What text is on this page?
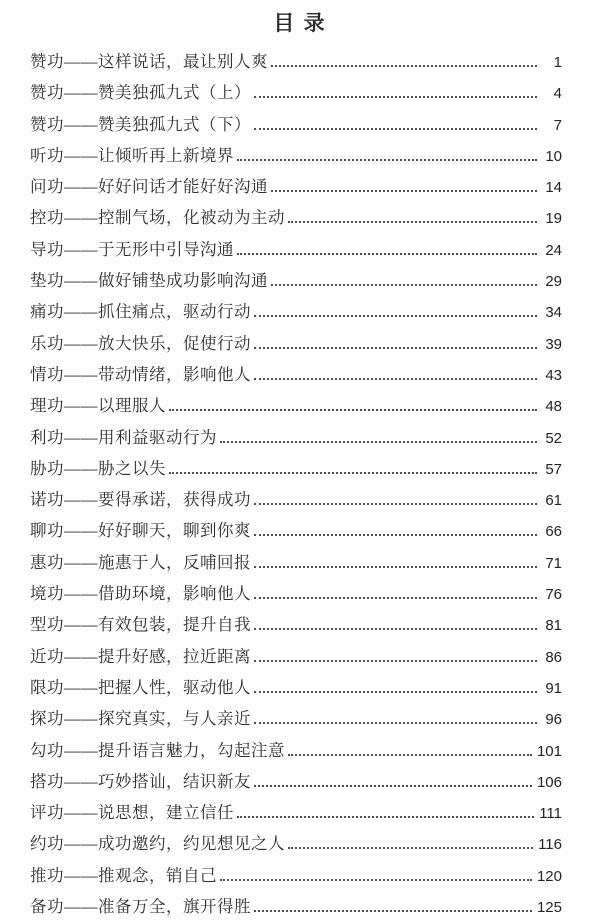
目 录
赞功——这样说话，最让别人爽	1
赞功——赞美独孤九式（上）	4
赞功——赞美独孤九式（下）	7
听功——让倾听再上新境界	10
问功——好好问话才能好好沟通	14
控功——控制气场，化被动为主动	19
导功——于无形中引导沟通	24
垫功——做好铺垫成功影响沟通	29
痛功——抓住痛点，驱动行动	34
乐功——放大快乐，促使行动	39
情功——带动情绪，影响他人	43
理功——以理服人	48
利功——用利益驱动行为	52
胁功——胁之以失	57
诺功——要得承诺，获得成功	61
聊功——好好聊天，聊到你爽	66
惠功——施惠于人，反哺回报	71
境功——借助环境，影响他人	76
型功——有效包装，提升自我	81
近功——提升好感，拉近距离	86
限功——把握人性，驱动他人	91
探功——探究真实，与人亲近	96
勾功——提升语言魅力，勾起注意	101
搭功——巧妙搭讪，结识新友	106
评功——说思想，建立信任	111
约功——成功邀约，约见想见之人	116
推功——推观念，销自己	120
备功——准备万全，旗开得胜	125
